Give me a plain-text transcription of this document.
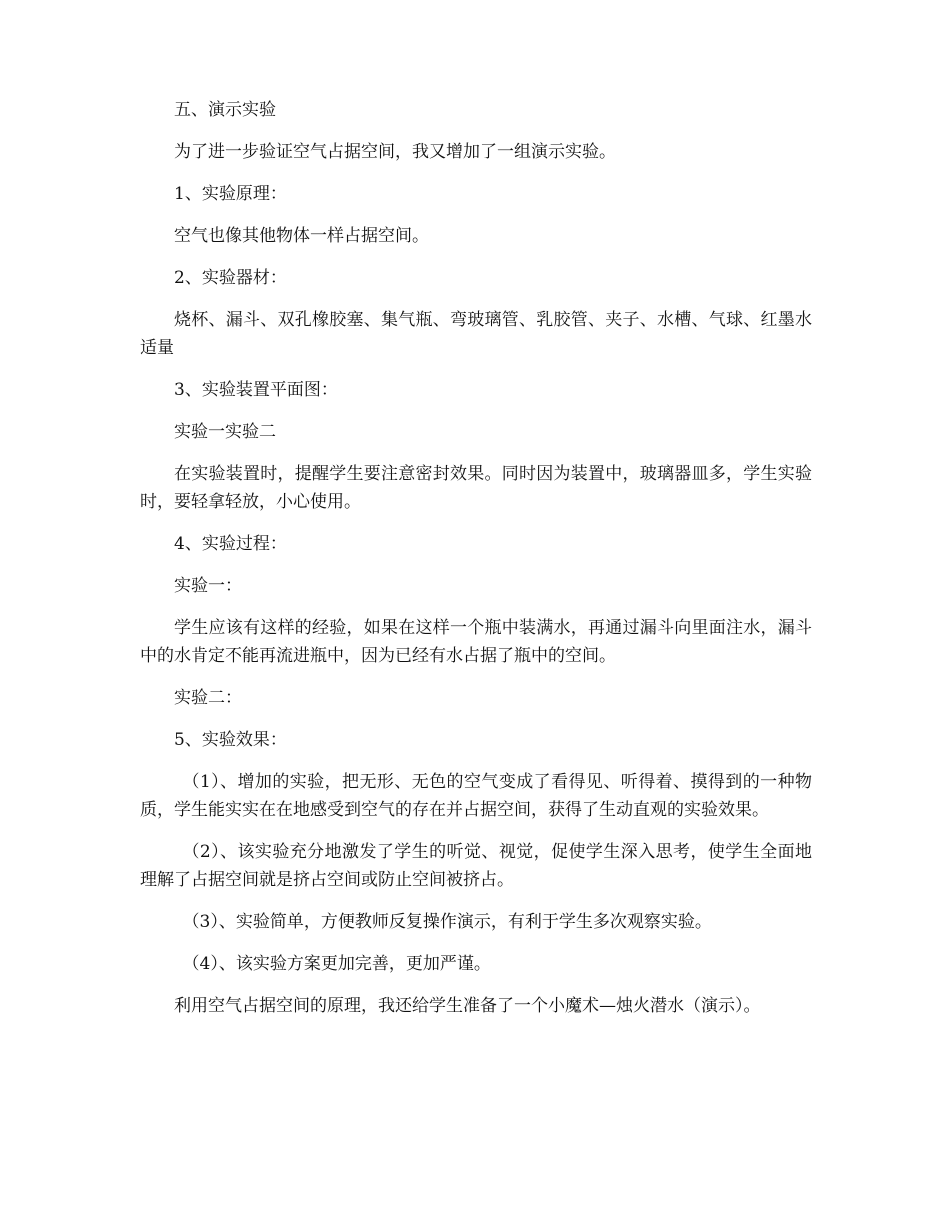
五、演示实验

为了进一步验证空气占据空间，我又增加了一组演示实验。

1、实验原理：

空气也像其他物体一样占据空间。

2、实验器材：

烧杯、漏斗、双孔橡胶塞、集气瓶、弯玻璃管、乳胶管、夹子、水槽、气球、红墨水适量

3、实验装置平面图：

实验一实验二

在实验装置时，提醒学生要注意密封效果。同时因为装置中，玻璃器皿多，学生实验时，要轻拿轻放，小心使用。

4、实验过程：

实验一：

学生应该有这样的经验，如果在这样一个瓶中装满水，再通过漏斗向里面注水，漏斗中的水肯定不能再流进瓶中，因为已经有水占据了瓶中的空间。

实验二：

5、实验效果：

（1）、增加的实验，把无形、无色的空气变成了看得见、听得着、摸得到的一种物质，学生能实实在在地感受到空气的存在并占据空间，获得了生动直观的实验效果。

（2）、该实验充分地激发了学生的听觉、视觉，促使学生深入思考，使学生全面地理解了占据空间就是挤占空间或防止空间被挤占。

（3）、实验简单，方便教师反复操作演示，有利于学生多次观察实验。

（4）、该实验方案更加完善，更加严谨。

利用空气占据空间的原理，我还给学生准备了一个小魔术—烛火潜水（演示）。
